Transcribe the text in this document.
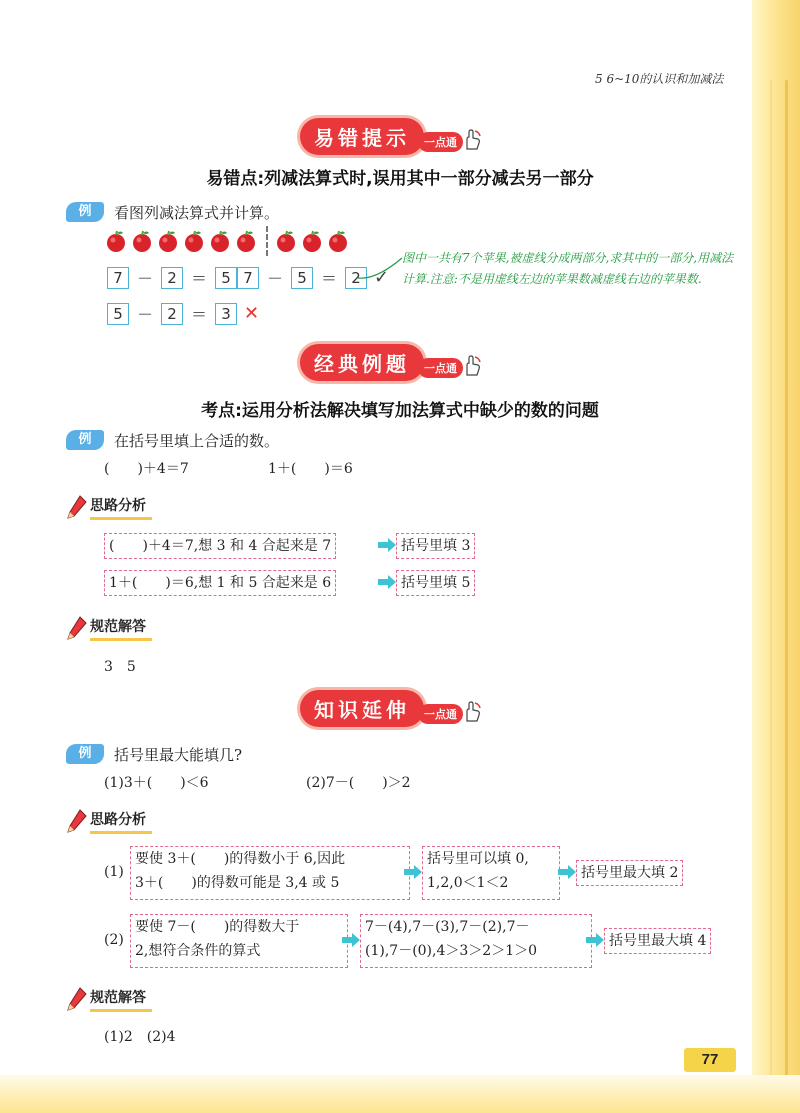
5 6~10的认识和加减法
77
易错提示	一点通
易错点:列减法算式时,误用其中一部分减去另一部分
例	看图列减法算式并计算。
7 － 2 ＝ 5 7 － 5 ＝ 2 ✓
图中一共有7个苹果,被虚线分成两部分,求其中的一部分,用减法计算.注意:不是用虚线左边的苹果数减虚线右边的苹果数.
5 － 2 ＝ 3 ✕
经典例题	一点通
考点:运用分析法解决填写加法算式中缺少的数的问题
例	在括号里填上合适的数。
(　　)＋4＝7	1＋(　　)＝6
思路分析
(　　)＋4＝7,想 3 和 4 合起来是 7	括号里填 3
1＋(　　)＝6,想 1 和 5 合起来是 6	括号里填 5
规范解答
3　5
知识延伸	一点通
例	括号里最大能填几?
(1)3＋(　　)＜6	(2)7－(　　)＞2
思路分析
(1)
要使 3＋(　　)的得数小于 6,因此
3＋(　　)的得数可能是 3,4 或 5
括号里可以填 0,
1,2,0＜1＜2
括号里最大填 2
(2)
要使 7－(　　)的得数大于
2,想符合条件的算式
7－(4),7－(3),7－(2),7－
(1),7－(0),4＞3＞2＞1＞0
括号里最大填 4
规范解答
(1)2　(2)4
